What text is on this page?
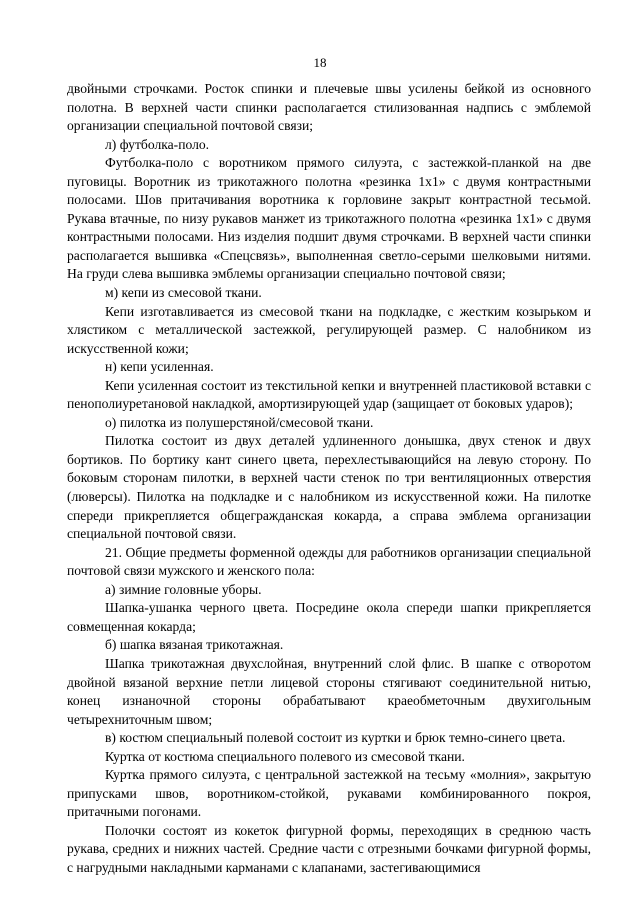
18

двойными строчками. Росток спинки и плечевые швы усилены бейкой из основного полотна. В верхней части спинки располагается стилизованная надпись с эмблемой организации специальной почтовой связи;

л) футболка-поло.

Футболка-поло с воротником прямого силуэта, с застежкой-планкой на две пуговицы. Воротник из трикотажного полотна «резинка 1х1» с двумя контрастными полосами. Шов притачивания воротника к горловине закрыт контрастной тесьмой. Рукава втачные, по низу рукавов манжет из трикотажного полотна «резинка 1х1» с двумя контрастными полосами. Низ изделия подшит двумя строчками. В верхней части спинки располагается вышивка «Спецсвязь», выполненная светло-серыми шелковыми нитями. На груди слева вышивка эмблемы организации специально почтовой связи;

м) кепи из смесовой ткани.

Кепи изготавливается из смесовой ткани на подкладке, с жестким козырьком и хлястиком с металлической застежкой, регулирующей размер. С налобником из искусственной кожи;

н) кепи усиленная.

Кепи усиленная состоит из текстильной кепки и внутренней пластиковой вставки с пенополиуретановой накладкой, амортизирующей удар (защищает от боковых ударов);

о) пилотка из полушерстяной/смесовой ткани.

Пилотка состоит из двух деталей удлиненного донышка, двух стенок и двух бортиков. По бортику кант синего цвета, перехлестывающийся на левую сторону. По боковым сторонам пилотки, в верхней части стенок по три вентиляционных отверстия (люверсы). Пилотка на подкладке и с налобником из искусственной кожи. На пилотке спереди прикрепляется общегражданская кокарда, а справа эмблема организации специальной почтовой связи.

21. Общие предметы форменной одежды для работников организации специальной почтовой связи мужского и женского пола:

а) зимние головные уборы.

Шапка-ушанка черного цвета. Посредине окола спереди шапки прикрепляется совмещенная кокарда;

б) шапка вязаная трикотажная.

Шапка трикотажная двухслойная, внутренний слой флис. В шапке с отворотом двойной вязаной верхние петли лицевой стороны стягивают соединительной нитью, конец изнаночной стороны обрабатывают краеобметочным двухигольным четырехниточным швом;

в) костюм специальный полевой состоит из куртки и брюк темно-синего цвета.

Куртка от костюма специального полевого из смесовой ткани.

Куртка прямого силуэта, с центральной застежкой на тесьму «молния», закрытую припусками швов, воротником-стойкой, рукавами комбинированного покроя, притачными погонами.

Полочки состоят из кокеток фигурной формы, переходящих в среднюю часть рукава, средних и нижних частей. Средние части с отрезными бочками фигурной формы, с нагрудными накладными карманами с клапанами, застегивающимися
